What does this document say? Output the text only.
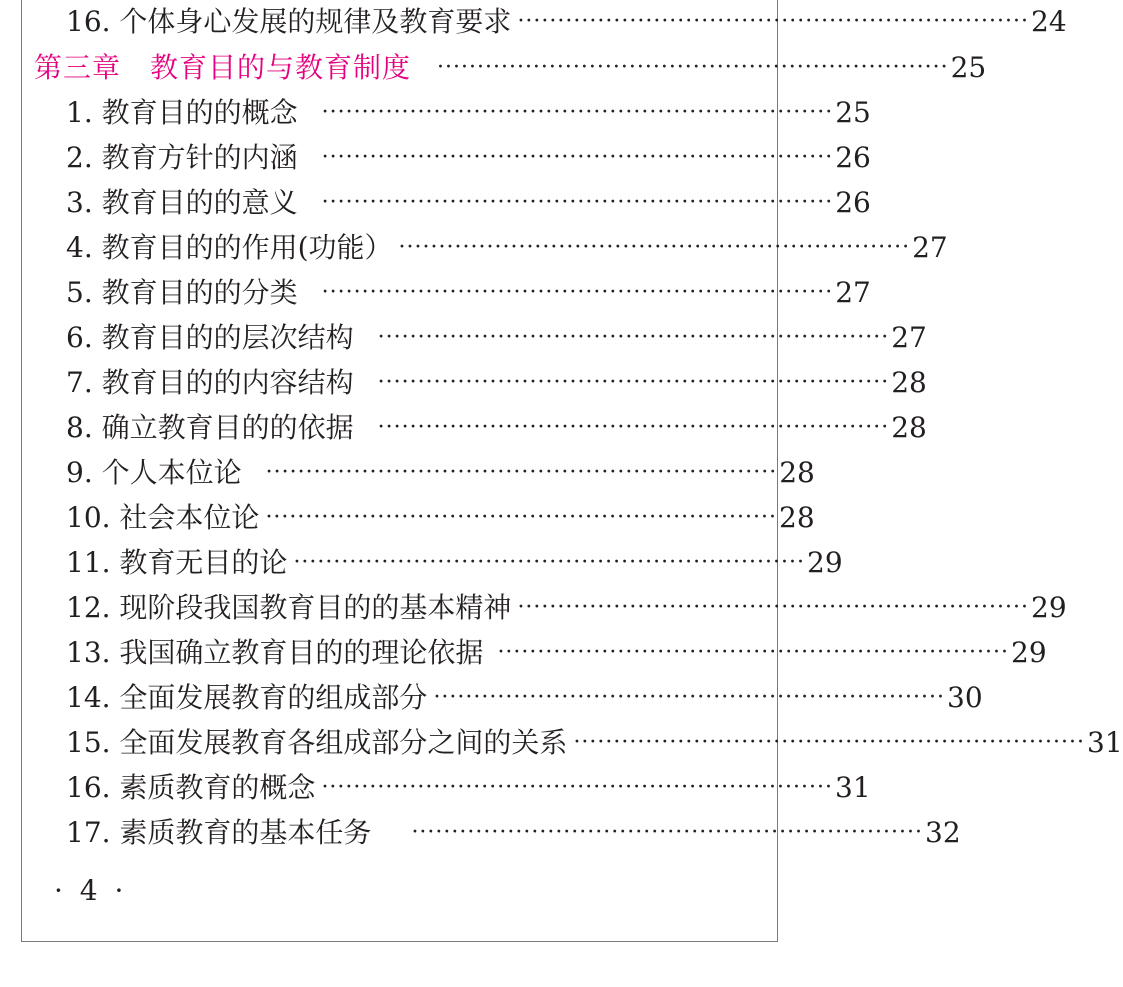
16. 个体身心发展的规律及教育要求 ································································ 24
第三章　教育目的与教育制度	································································ 25
1. 教育目的的概念	································································ 25
2. 教育方针的内涵	································································ 26
3. 教育目的的意义	································································ 26
4. 教育目的的作用(功能） ································································ 27
5. 教育目的的分类	································································ 27
6. 教育目的的层次结构	································································ 27
7. 教育目的的内容结构	································································ 28
8. 确立教育目的的依据	································································ 28
9. 个人本位论	································································ 28
10. 社会本位论 ································································ 28
11. 教育无目的论 ································································ 29
12. 现阶段我国教育目的的基本精神 ································································ 29
13. 我国确立教育目的的理论依据 ································································ 29
14. 全面发展教育的组成部分 ································································ 30
15. 全面发展教育各组成部分之间的关系 ································································ 31
16. 素质教育的概念 ································································ 31
17. 素质教育的基本任务	································································ 32
· 4 ·
